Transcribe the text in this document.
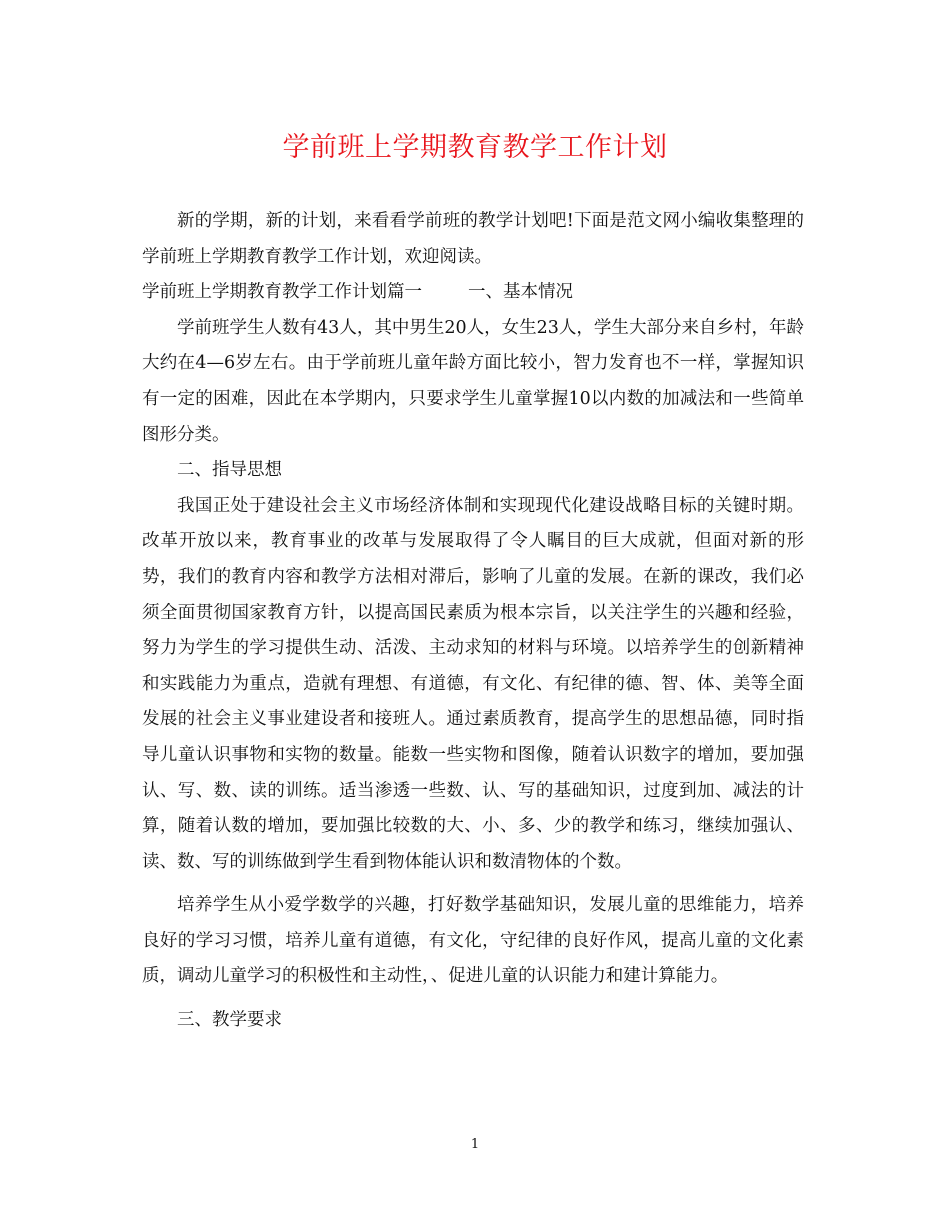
学前班上学期教育教学工作计划

新的学期，新的计划，来看看学前班的教学计划吧!下面是范文网小编收集整理的学前班上学期教育教学工作计划，欢迎阅读。

学前班上学期教育教学工作计划篇一	一、基本情况

学前班学生人数有43人，其中男生20人，女生23人，学生大部分来自乡村，年龄大约在4—6岁左右。由于学前班儿童年龄方面比较小，智力发育也不一样，掌握知识有一定的困难，因此在本学期内，只要求学生儿童掌握10以内数的加减法和一些简单图形分类。

二、指导思想

我国正处于建设社会主义市场经济体制和实现现代化建设战略目标的关键时期。改革开放以来，教育事业的改革与发展取得了令人瞩目的巨大成就，但面对新的形势，我们的教育内容和教学方法相对滞后，影响了儿童的发展。在新的课改，我们必须全面贯彻国家教育方针，以提高国民素质为根本宗旨，以关注学生的兴趣和经验，努力为学生的学习提供生动、活泼、主动求知的材料与环境。以培养学生的创新精神和实践能力为重点，造就有理想、有道德，有文化、有纪律的德、智、体、美等全面发展的社会主义事业建设者和接班人。通过素质教育，提高学生的思想品德，同时指导儿童认识事物和实物的数量。能数一些实物和图像，随着认识数字的增加，要加强认、写、数、读的训练。适当渗透一些数、认、写的基础知识，过度到加、减法的计算，随着认数的增加，要加强比较数的大、小、多、少的教学和练习，继续加强认、读、数、写的训练做到学生看到物体能认识和数清物体的个数。

培养学生从小爱学数学的兴趣，打好数学基础知识，发展儿童的思维能力，培养良好的学习习惯，培养儿童有道德，有文化，守纪律的良好作风，提高儿童的文化素质，调动儿童学习的积极性和主动性，、促进儿童的认识能力和建计算能力。

三、教学要求

1
